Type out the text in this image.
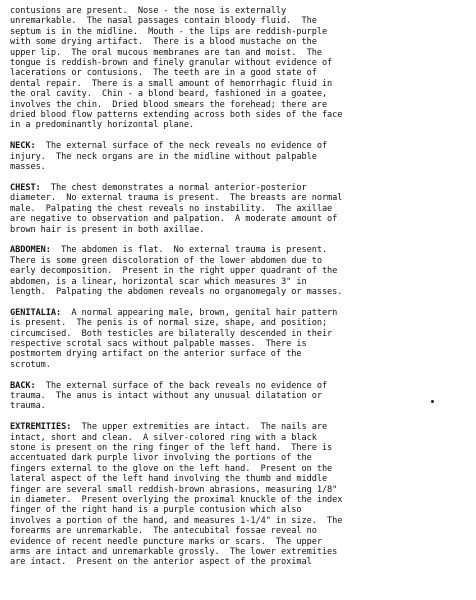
contusions are present.  Nose - the nose is externally
unremarkable.  The nasal passages contain bloody fluid.  The
septum is in the midline.  Mouth - the lips are reddish-purple
with some drying artifact.  There is a blood mustache on the
upper lip.  The oral mucous membranes are tan and moist.  The
tongue is reddish-brown and finely granular without evidence of
lacerations or contusions.  The teeth are in a good state of
dental repair.  There is a small amount of hemorrhagic fluid in
the oral cavity.  Chin - a blond beard, fashioned in a goatee,
involves the chin.  Dried blood smears the forehead; there are
dried blood flow patterns extending across both sides of the face
in a predominantly horizontal plane.

NECK:  The external surface of the neck reveals no evidence of
injury.  The neck organs are in the midline without palpable
masses.

CHEST:  The chest demonstrates a normal anterior-posterior
diameter.  No external trauma is present.  The breasts are normal
male.  Palpating the chest reveals no instability.  The axillae
are negative to observation and palpation.  A moderate amount of
brown hair is present in both axillae.

ABDOMEN:  The abdomen is flat.  No external trauma is present.
There is some green discoloration of the lower abdomen due to
early decomposition.  Present in the right upper quadrant of the
abdomen, is a linear, horizontal scar which measures 3" in
length.  Palpating the abdomen reveals no organomegaly or masses.

GENITALIA:  A normal appearing male, brown, genital hair pattern
is present.  The penis is of normal size, shape, and position;
circumcised.  Both testicles are bilaterally descended in their
respective scrotal sacs without palpable masses.  There is
postmortem drying artifact on the anterior surface of the
scrotum.

BACK:  The external surface of the back reveals no evidence of
trauma.  The anus is intact without any unusual dilatation or
trauma.

EXTREMITIES:  The upper extremities are intact.  The nails are
intact, short and clean.  A silver-colored ring with a black
stone is present on the ring finger of the left hand.  There is
accentuated dark purple livor involving the portions of the
fingers external to the glove on the left hand.  Present on the
lateral aspect of the left hand involving the thumb and middle
finger are several small reddish-brown abrasions, measuring 1/8"
in diameter.  Present overlying the proximal knuckle of the index
finger of the right hand is a purple contusion which also
involves a portion of the hand, and measures 1-1/4" in size.  The
forearms are unremarkable.  The antecubital fossae reveal no
evidence of recent needle puncture marks or scars.  The upper
arms are intact and unremarkable grossly.  The lower extremities
are intact.  Present on the anterior aspect of the proximal
